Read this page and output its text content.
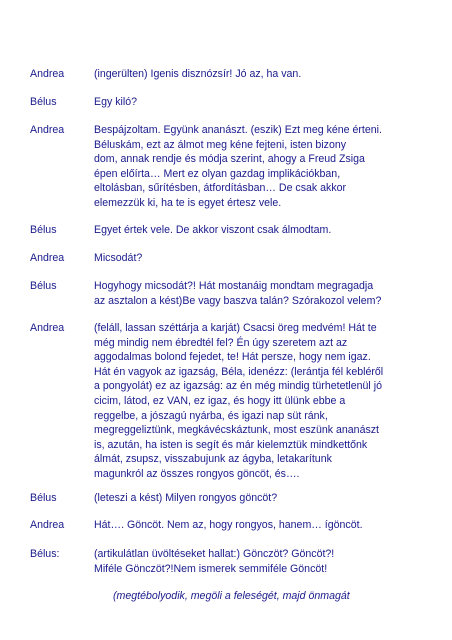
Andrea	(ingerülten) Igenis disznózsír! Jó az, ha van.
Bélus	Egy kiló?
Andrea	Bespájzoltam. Együnk ananászt. (eszik) Ezt meg kéne érteni.
Béluskám, ezt az álmot meg kéne fejteni, isten bizony
dom, annak rendje és módja szerint, ahogy a Freud Zsiga
épen előírta… Mert ez olyan gazdag implikációkban,
eltolásban, sűrítésben, átfordításban… De csak akkor
elemezzük ki, ha te is egyet értesz vele.
Bélus	Egyet értek vele. De akkor viszont csak álmodtam.
Andrea	Micsodát?
Bélus	Hogyhogy micsodát?! Hát mostanáig mondtam megragadja
az asztalon a kést)Be vagy baszva talán? Szórakozol velem?
Andrea	(feláll, lassan széttárja a karját) Csacsi öreg medvém! Hát te
még mindig nem ébredtél fel? Én úgy szeretem azt az
aggodalmas bolond fejedet, te! Hát persze, hogy nem igaz.
Hát én vagyok az igazság, Béla, idenézz: (lerántja fél kebléről
a pongyolát) ez az igazság: az én még mindig türhetetlenül jó
cicim, látod, ez VAN, ez igaz, és hogy itt ülünk ebbe a
reggelbe, a jószagú nyárba, és igazi nap süt ránk,
megreggeliztünk, megkávécskáztunk, most eszünk ananászt
is, azután, ha isten is segít és már kielemztük mindkettőnk
álmát, zsupsz, visszabujunk az ágyba, letakarítunk
magunkról az összes rongyos göncöt, és….
Bélus	(leteszi a kést) Milyen rongyos göncöt?
Andrea	Hát…. Göncöt. Nem az, hogy rongyos, hanem… ígöncöt.
Bélus:	(artikulátlan üvöltéseket hallat:) Gönczöt? Göncöt?!
Miféle Gönczöt?!Nem ismerek semmiféle Göncöt!
(megtébolyodik, megöli a feleségét, majd önmagát
